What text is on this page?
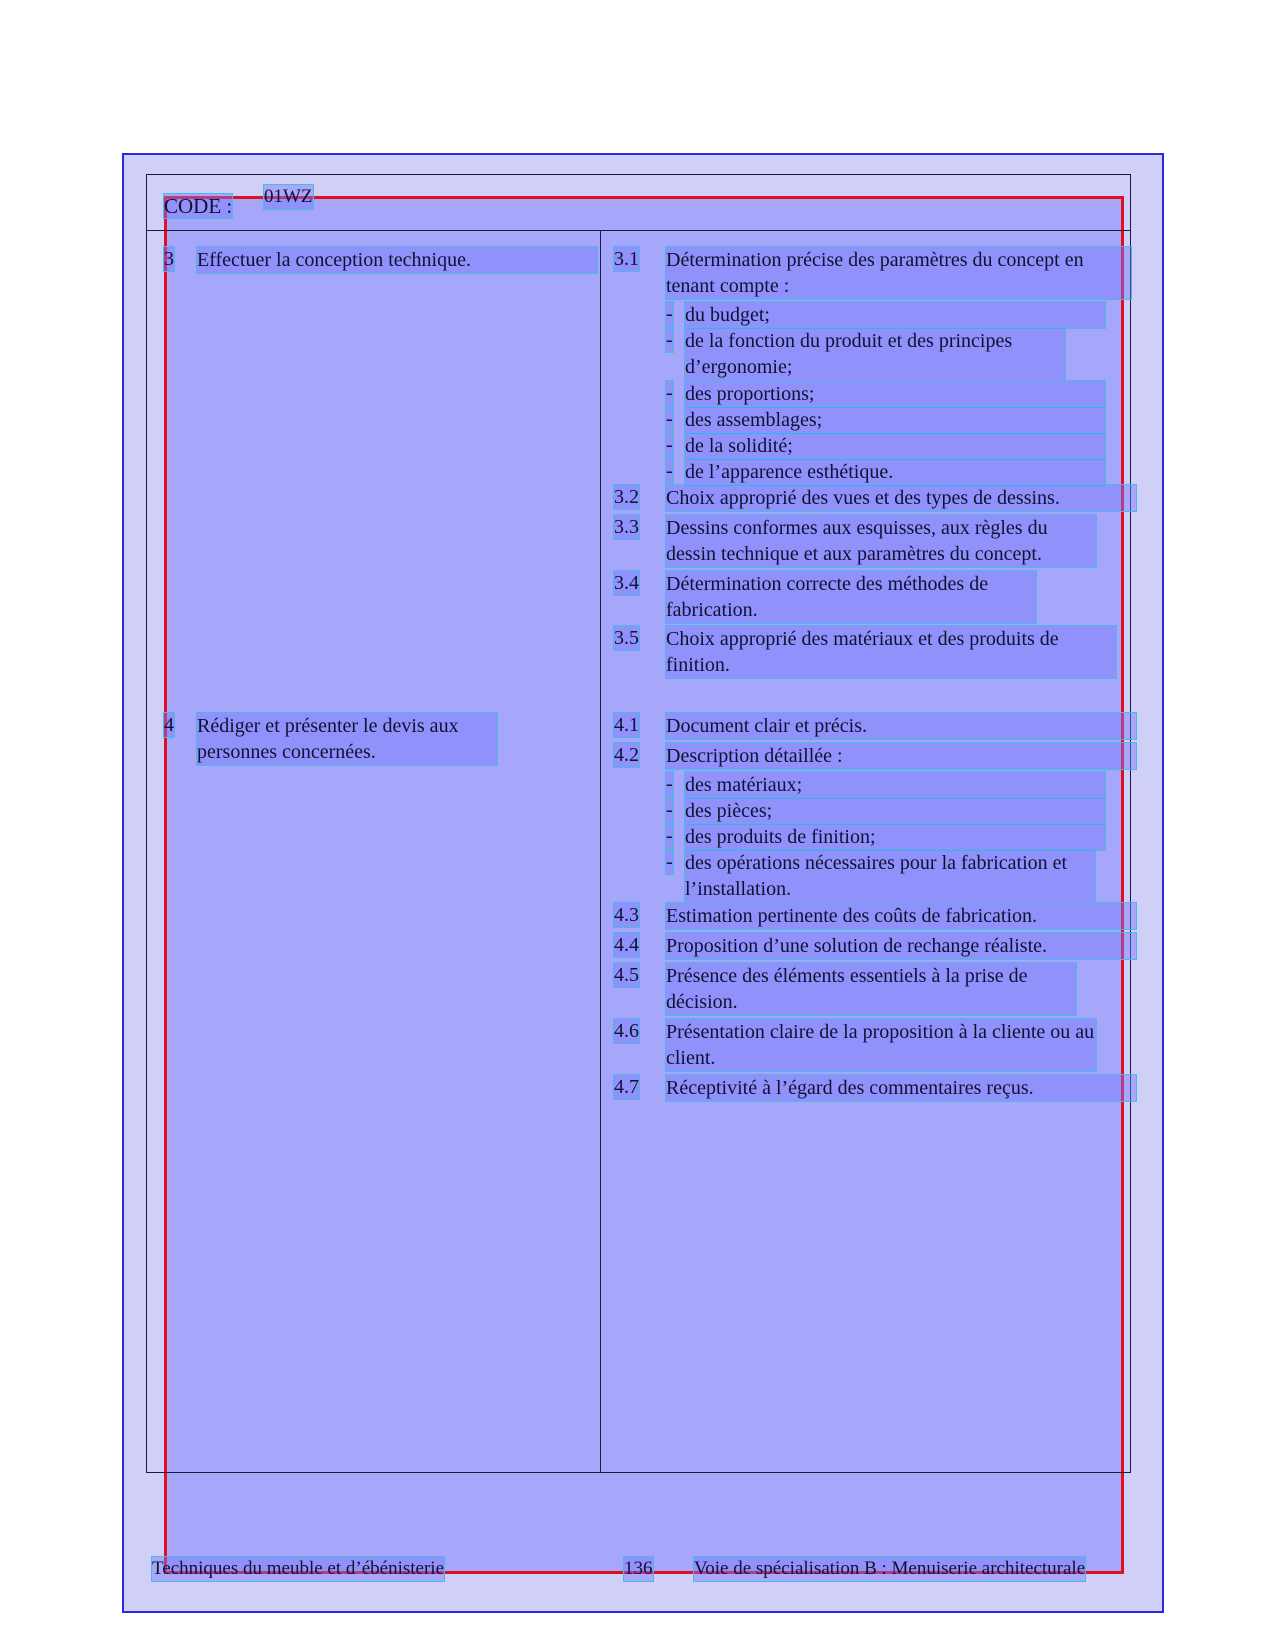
CODE : 01WZ
3 Effectuer la conception technique.	3.1 Détermination précise des paramètres du concept en tenant compte :
- du budget;
- de la fonction du produit et des principes d’ergonomie;
- des proportions;
- des assemblages;
- de la solidité;
- de l’apparence esthétique.
3.2 Choix approprié des vues et des types de dessins.
3.3 Dessins conformes aux esquisses, aux règles du dessin technique et aux paramètres du concept.
3.4 Détermination correcte des méthodes de fabrication.
3.5 Choix approprié des matériaux et des produits de finition.
4 Rédiger et présenter le devis aux personnes concernées.
4.1 Document clair et précis.
4.2 Description détaillée :
- des matériaux;
- des pièces;
- des produits de finition;
- des opérations nécessaires pour la fabrication et l’installation.
4.3 Estimation pertinente des coûts de fabrication.
4.4 Proposition d’une solution de rechange réaliste.
4.5 Présence des éléments essentiels à la prise de décision.
4.6 Présentation claire de la proposition à la cliente ou au client.
4.7 Réceptivité à l’égard des commentaires reçus.
Techniques du meuble et d’ébénisterie	136 Voie de spécialisation B : Menuiserie architecturale
